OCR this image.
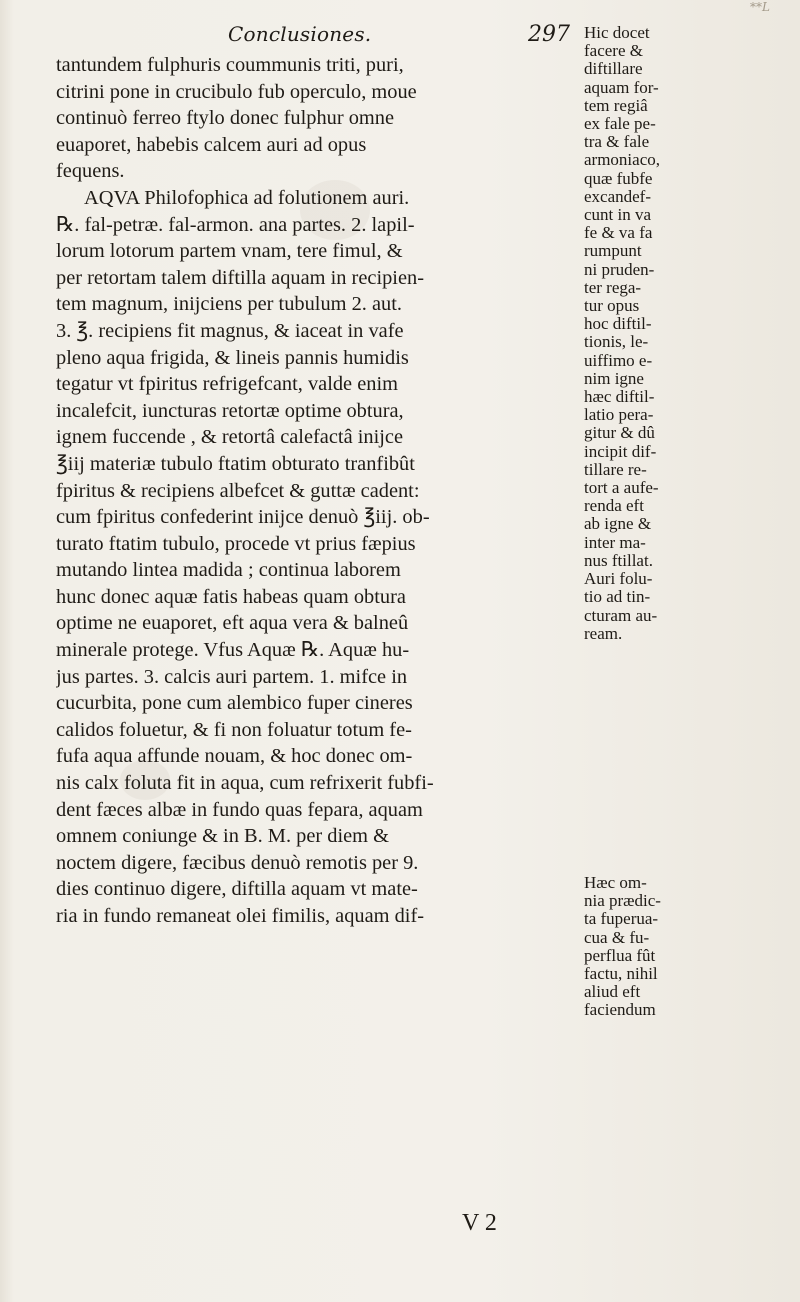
**L
Conclusiones.	297
tantundem fulphuris coummunis triti, puri,
citrini pone in crucibulo fub operculo, moue
continuò ferreo ftylo donec fulphur omne
euaporet, habebis calcem auri ad opus
fequens.
AQVA Philofophica ad folutionem auri.
℞. fal-petræ. fal-armon. ana partes. 2. lapil-
lorum lotorum partem vnam, tere fimul, &
per retortam talem diftilla aquam in recipien-
tem magnum, inijciens per tubulum 2. aut.
3. ℥. recipiens fit magnus, & iaceat in vafe
pleno aqua frigida, & lineis pannis humidis
tegatur vt fpiritus refrigefcant, valde enim
incalefcit, iuncturas retortæ optime obtura,
ignem fuccende , & retortâ calefactâ inijce
℥iij materiæ tubulo ftatim obturato tranfibût
fpiritus & recipiens albefcet & guttæ cadent:
cum fpiritus confederint inijce denuò ℥iij. ob-
turato ftatim tubulo, procede vt prius fæpius
mutando lintea madida ; continua laborem
hunc donec aquæ fatis habeas quam obtura
optime ne euaporet, eft aqua vera & balneû
minerale protege. Vfus Aquæ ℞. Aquæ hu-
jus partes. 3. calcis auri partem. 1. mifce in
cucurbita, pone cum alembico fuper cineres
calidos foluetur, & fi non foluatur totum fe-
fufa aqua affunde nouam, & hoc donec om-
nis calx foluta fit in aqua, cum refrixerit fubfi-
dent fæces albæ in fundo quas fepara, aquam
omnem coniunge & in B. M. per diem &
noctem digere, fæcibus denuò remotis per 9.
dies continuo digere, diftilla aquam vt mate-
ria in fundo remaneat olei fimilis, aquam dif-
V 2
Hic docet
facere &
diftillare
aquam for-
tem regiâ
ex fale pe-
tra & fale
armoniaco,
quæ fubfe
excandef-
cunt in va
fe & va fa
rumpunt
ni pruden-
ter rega-
tur opus
hoc diftil-
tionis, le-
uiffimo e-
nim igne
hæc diftil-
latio pera-
gitur & dû
incipit dif-
tillare re-
tort a aufe-
renda eft
ab igne &
inter ma-
nus ftillat.
Auri folu-
tio ad tin-
cturam au-
ream.
Hæc om-
nia prædic-
ta fuperua-
cua & fu-
perflua fût
factu, nihil
aliud eft
faciendum
